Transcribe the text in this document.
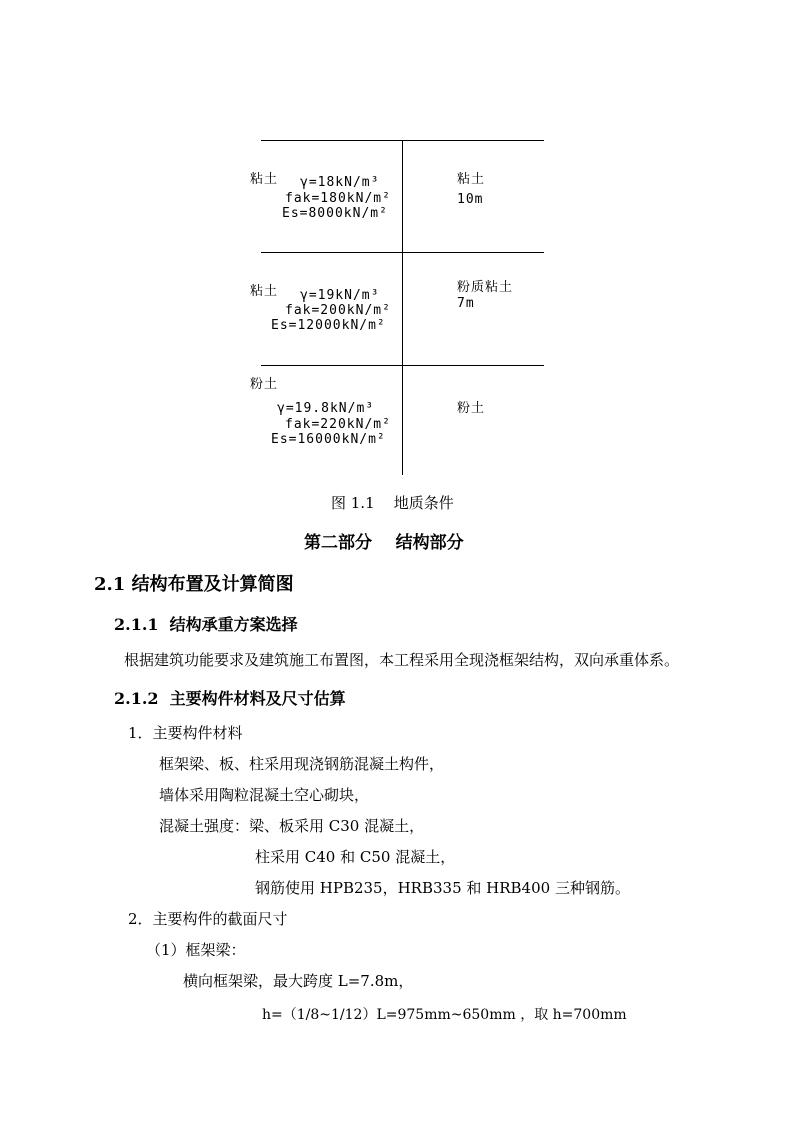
粘土 γ=18kN/m³
fak=180kN/m²
Es=8000kN/m²
粘土
10m
粘土 γ=19kN/m³
fak=200kN/m²
Es=12000kN/m²
粉质粘土
7m
粉土
γ=19.8kN/m³
fak=220kN/m²
Es=16000kN/m²
粉土
图 1.1    地质条件
第二部分    结构部分
2.1 结构布置及计算简图
2.1.1  结构承重方案选择
根据建筑功能要求及建筑施工布置图，本工程采用全现浇框架结构，双向承重体系。
2.1.2  主要构件材料及尺寸估算
1．主要构件材料
框架梁、板、柱采用现浇钢筋混凝土构件，
墙体采用陶粒混凝土空心砌块，
混凝土强度：梁、板采用 C30 混凝土，
柱采用 C40 和 C50 混凝土，
钢筋使用 HPB235，HRB335 和 HRB400 三种钢筋。
2．主要构件的截面尺寸
（1）框架梁：
横向框架梁，最大跨度 L=7.8m，
h=（1/8~1/12）L=975mm~650mm ，取 h=700mm
